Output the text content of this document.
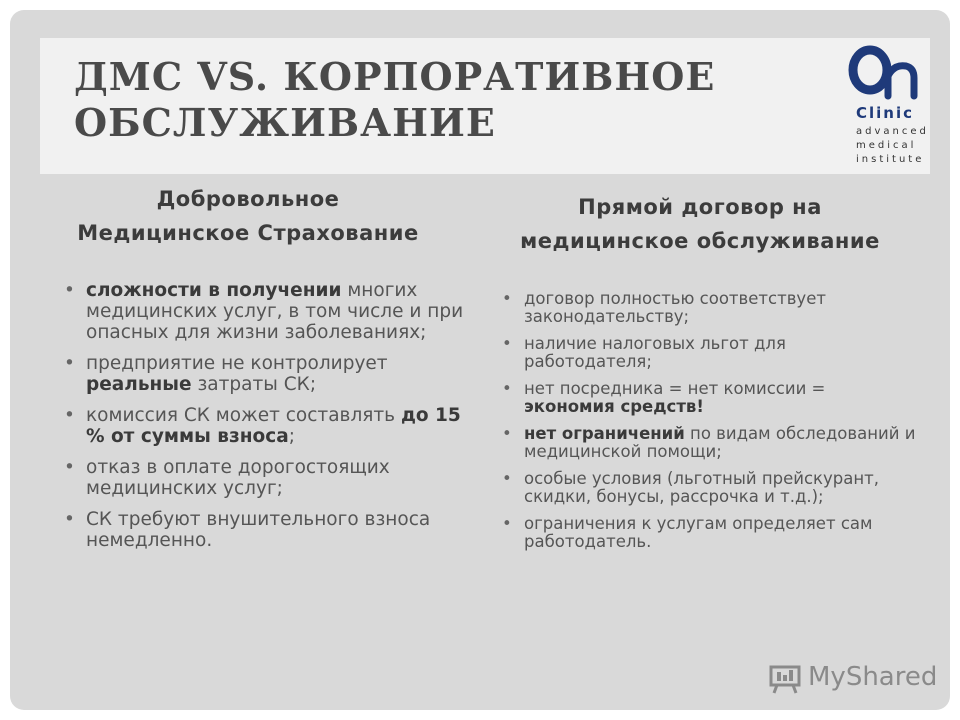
ДМС VS. КОРПОРАТИВНОЕ
ОБСЛУЖИВАНИЕ	Clinic
advanced
medical
institute
Добровольное
Медицинское Страхование
Прямой договор на
медицинское обслуживание
• сложности в получении многих медицинских услуг, в том числе и при опасных для жизни заболеваниях;
• предприятие не контролирует реальные затраты СК;
• комиссия СК может составлять до 15 % от суммы взноса;
• отказ в оплате дорогостоящих медицинских услуг;
• СК требуют внушительного взноса немедленно.
• договор полностью соответствует законодательству;
• наличие налоговых льгот для работодателя;
• нет посредника = нет комиссии = экономия средств!
• нет ограничений по видам обследований и медицинской помощи;
• особые условия (льготный прейскурант, скидки, бонусы, рассрочка и т.д.);
• ограничения к услугам определяет сам работодатель.
MyShared
